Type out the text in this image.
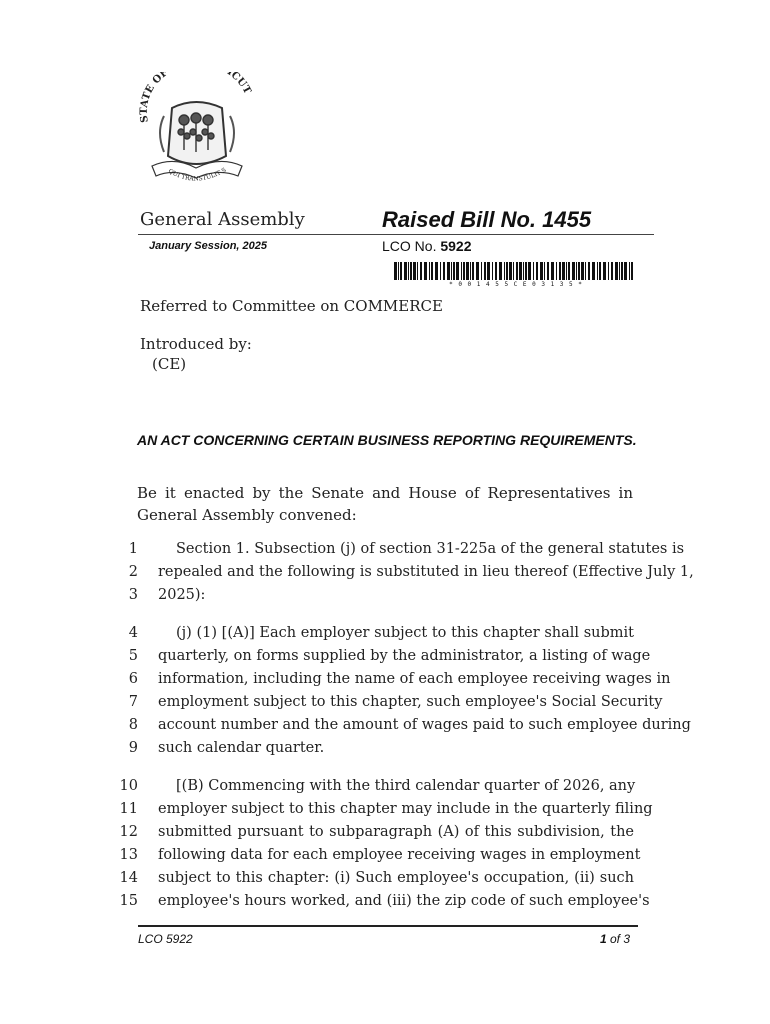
STATE OF ICUT
QUI TRANSTULIT S
General Assembly	Raised Bill No. 1455
January Session, 2025	LCO No. 5922
* 0 0 1 4 5 5 C E 0 3 1 3 5 *
Referred to Committee on COMMERCE
Introduced by:
(CE)
AN ACT CONCERNING CERTAIN BUSINESS REPORTING REQUIREMENTS.
Be it enacted by the Senate and House of Representatives in General Assembly convened:
1	Section 1. Subsection (j) of section 31-225a of the general statutes is
2 repealed and the following is substituted in lieu thereof (Effective July 1,
3 2025):
4	(j) (1) [(A)] Each employer subject to this chapter shall submit
5 quarterly, on forms supplied by the administrator, a listing of wage
6 information, including the name of each employee receiving wages in
7 employment subject to this chapter, such employee's Social Security
8 account number and the amount of wages paid to such employee during
9 such calendar quarter.
10	[(B) Commencing with the third calendar quarter of 2026, any
11 employer subject to this chapter may include in the quarterly filing
12 submitted pursuant to subparagraph (A) of this subdivision, the
13 following data for each employee receiving wages in employment
14 subject to this chapter: (i) Such employee's occupation, (ii) such
15 employee's hours worked, and (iii) the zip code of such employee's
LCO 5922	1 of 3
